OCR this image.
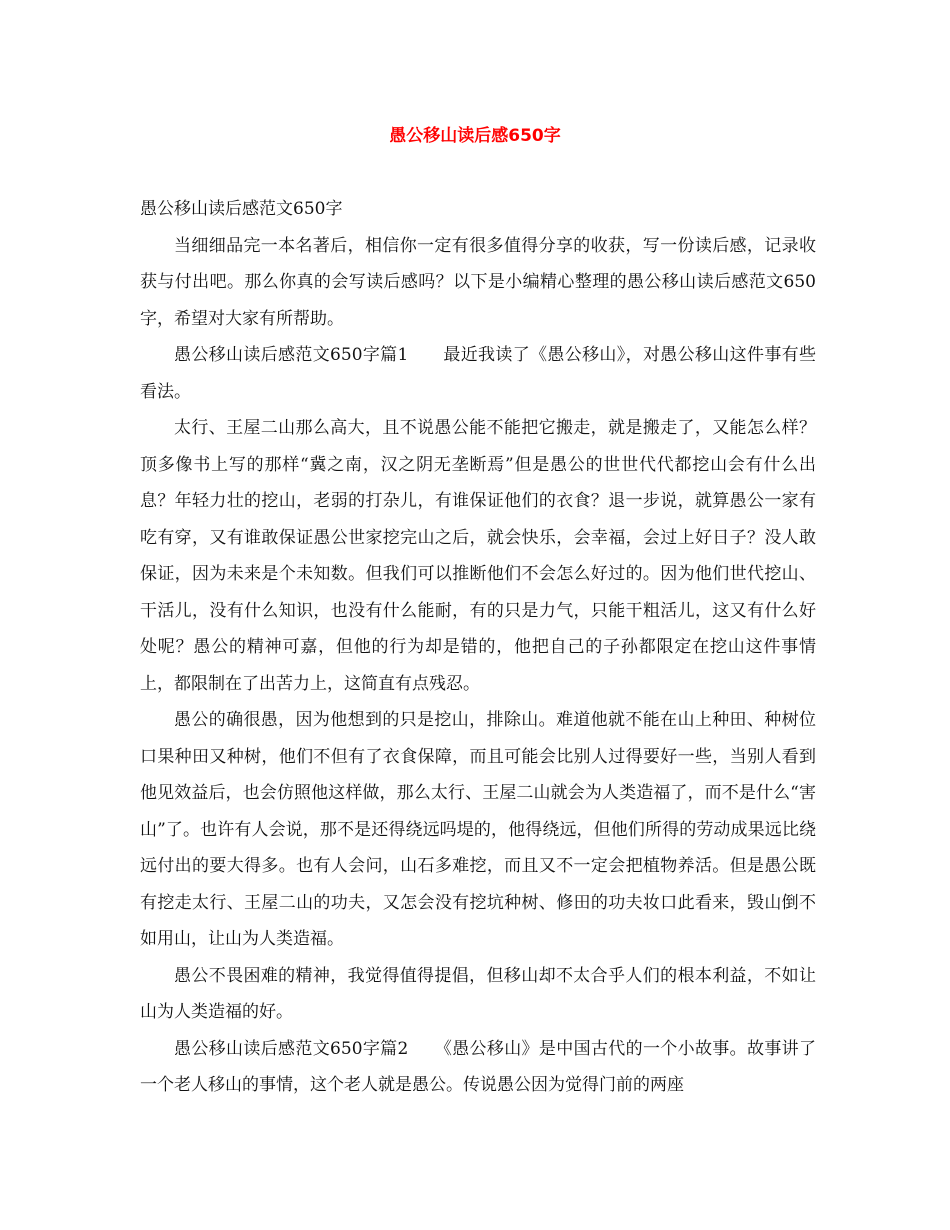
愚公移山读后感650字

愚公移山读后感范文650字

当细细品完一本名著后，相信你一定有很多值得分享的收获，写一份读后感，记录收获与付出吧。那么你真的会写读后感吗？以下是小编精心整理的愚公移山读后感范文650字，希望对大家有所帮助。

愚公移山读后感范文650字篇1　　最近我读了《愚公移山》，对愚公移山这件事有些看法。

太行、王屋二山那么高大，且不说愚公能不能把它搬走，就是搬走了，又能怎么样？顶多像书上写的那样“冀之南，汉之阴无垄断焉”但是愚公的世世代代都挖山会有什么出息？年轻力壮的挖山，老弱的打杂儿，有谁保证他们的衣食？退一步说，就算愚公一家有吃有穿，又有谁敢保证愚公世家挖完山之后，就会快乐，会幸福，会过上好日子？没人敢保证，因为未来是个未知数。但我们可以推断他们不会怎么好过的。因为他们世代挖山、干活儿，没有什么知识，也没有什么能耐，有的只是力气，只能干粗活儿，这又有什么好处呢？愚公的精神可嘉，但他的行为却是错的，他把自己的子孙都限定在挖山这件事情上，都限制在了出苦力上，这简直有点残忍。

愚公的确很愚，因为他想到的只是挖山，排除山。难道他就不能在山上种田、种树位口果种田又种树，他们不但有了衣食保障，而且可能会比别人过得要好一些，当别人看到他见效益后，也会仿照他这样做，那么太行、王屋二山就会为人类造福了，而不是什么“害山”了。也许有人会说，那不是还得绕远吗堤的，他得绕远，但他们所得的劳动成果远比绕远付出的要大得多。也有人会问，山石多难挖，而且又不一定会把植物养活。但是愚公既有挖走太行、王屋二山的功夫，又怎会没有挖坑种树、修田的功夫妆口此看来，毁山倒不如用山，让山为人类造福。

愚公不畏困难的精神，我觉得值得提倡，但移山却不太合乎人们的根本利益，不如让山为人类造福的好。

愚公移山读后感范文650字篇2　　《愚公移山》是中国古代的一个小故事。故事讲了一个老人移山的事情，这个老人就是愚公。传说愚公因为觉得门前的两座
